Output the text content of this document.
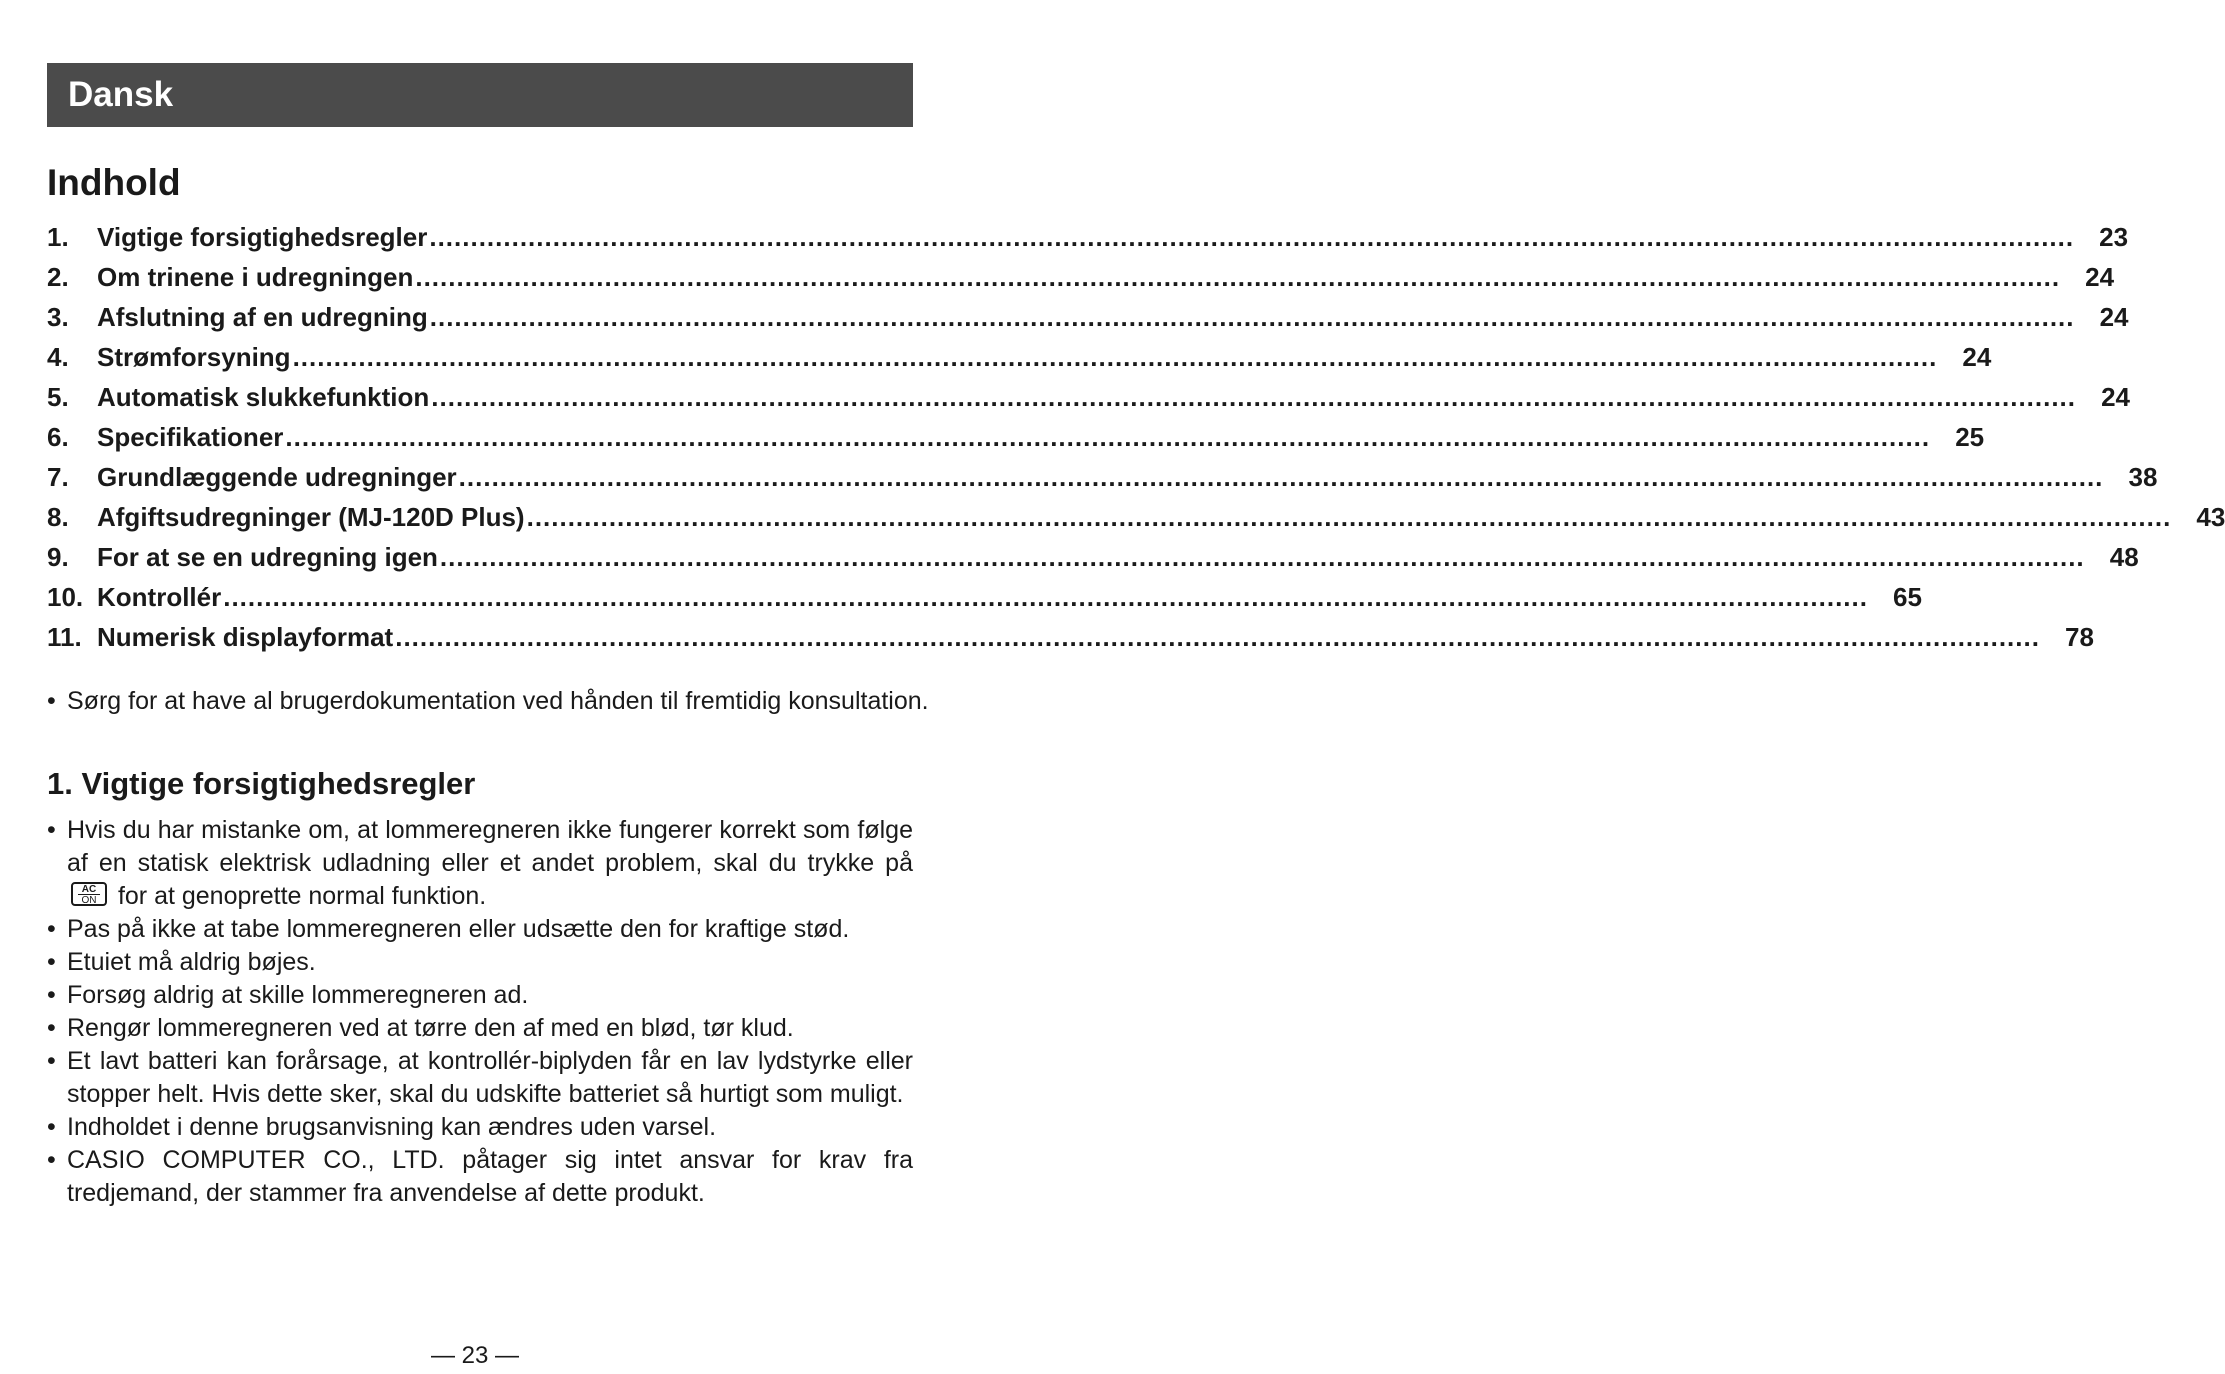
Dansk
Indhold
1.	Vigtige forsigtighedsregler ........................................................................................................................................................................................................ 23
2.	Om trinene i udregningen ........................................................................................................................................................................................................ 24
3.	Afslutning af en udregning ........................................................................................................................................................................................................ 24
4.	Strømforsyning ........................................................................................................................................................................................................ 24
5.	Automatisk slukkefunktion ........................................................................................................................................................................................................ 24
6.	Specifikationer ........................................................................................................................................................................................................ 25
7.	Grundlæggende udregninger ........................................................................................................................................................................................................ 38
8.	Afgiftsudregninger (MJ-120D Plus) ........................................................................................................................................................................................................ 43
9.	For at se en udregning igen ........................................................................................................................................................................................................ 48
10. Kontrollér ........................................................................................................................................................................................................ 65
11. Numerisk displayformat ........................................................................................................................................................................................................ 78
• Sørg for at have al brugerdokumentation ved hånden til fremtidig konsultation.
1. Vigtige forsigtighedsregler
• Hvis du har mistanke om, at lommeregneren ikke fungerer korrekt som følge af en statisk elektrisk udladning eller et andet problem, skal du trykke på
$\frac{AC}{ON}$ for at genoprette normal funktion.
• Pas på ikke at tabe lommeregneren eller udsætte den for kraftige stød.
• Etuiet må aldrig bøjes.
• Forsøg aldrig at skille lommeregneren ad.
• Rengør lommeregneren ved at tørre den af med en blød, tør klud.
• Et lavt batteri kan forårsage, at kontrollér-biplyden får en lav lydstyrke eller stopper helt. Hvis dette sker, skal du udskifte batteriet så hurtigt som muligt.
• Indholdet i denne brugsanvisning kan ændres uden varsel.
• CASIO COMPUTER CO., LTD. påtager sig intet ansvar for krav fra tredjemand, der stammer fra anvendelse af dette produkt.
— 23 —
